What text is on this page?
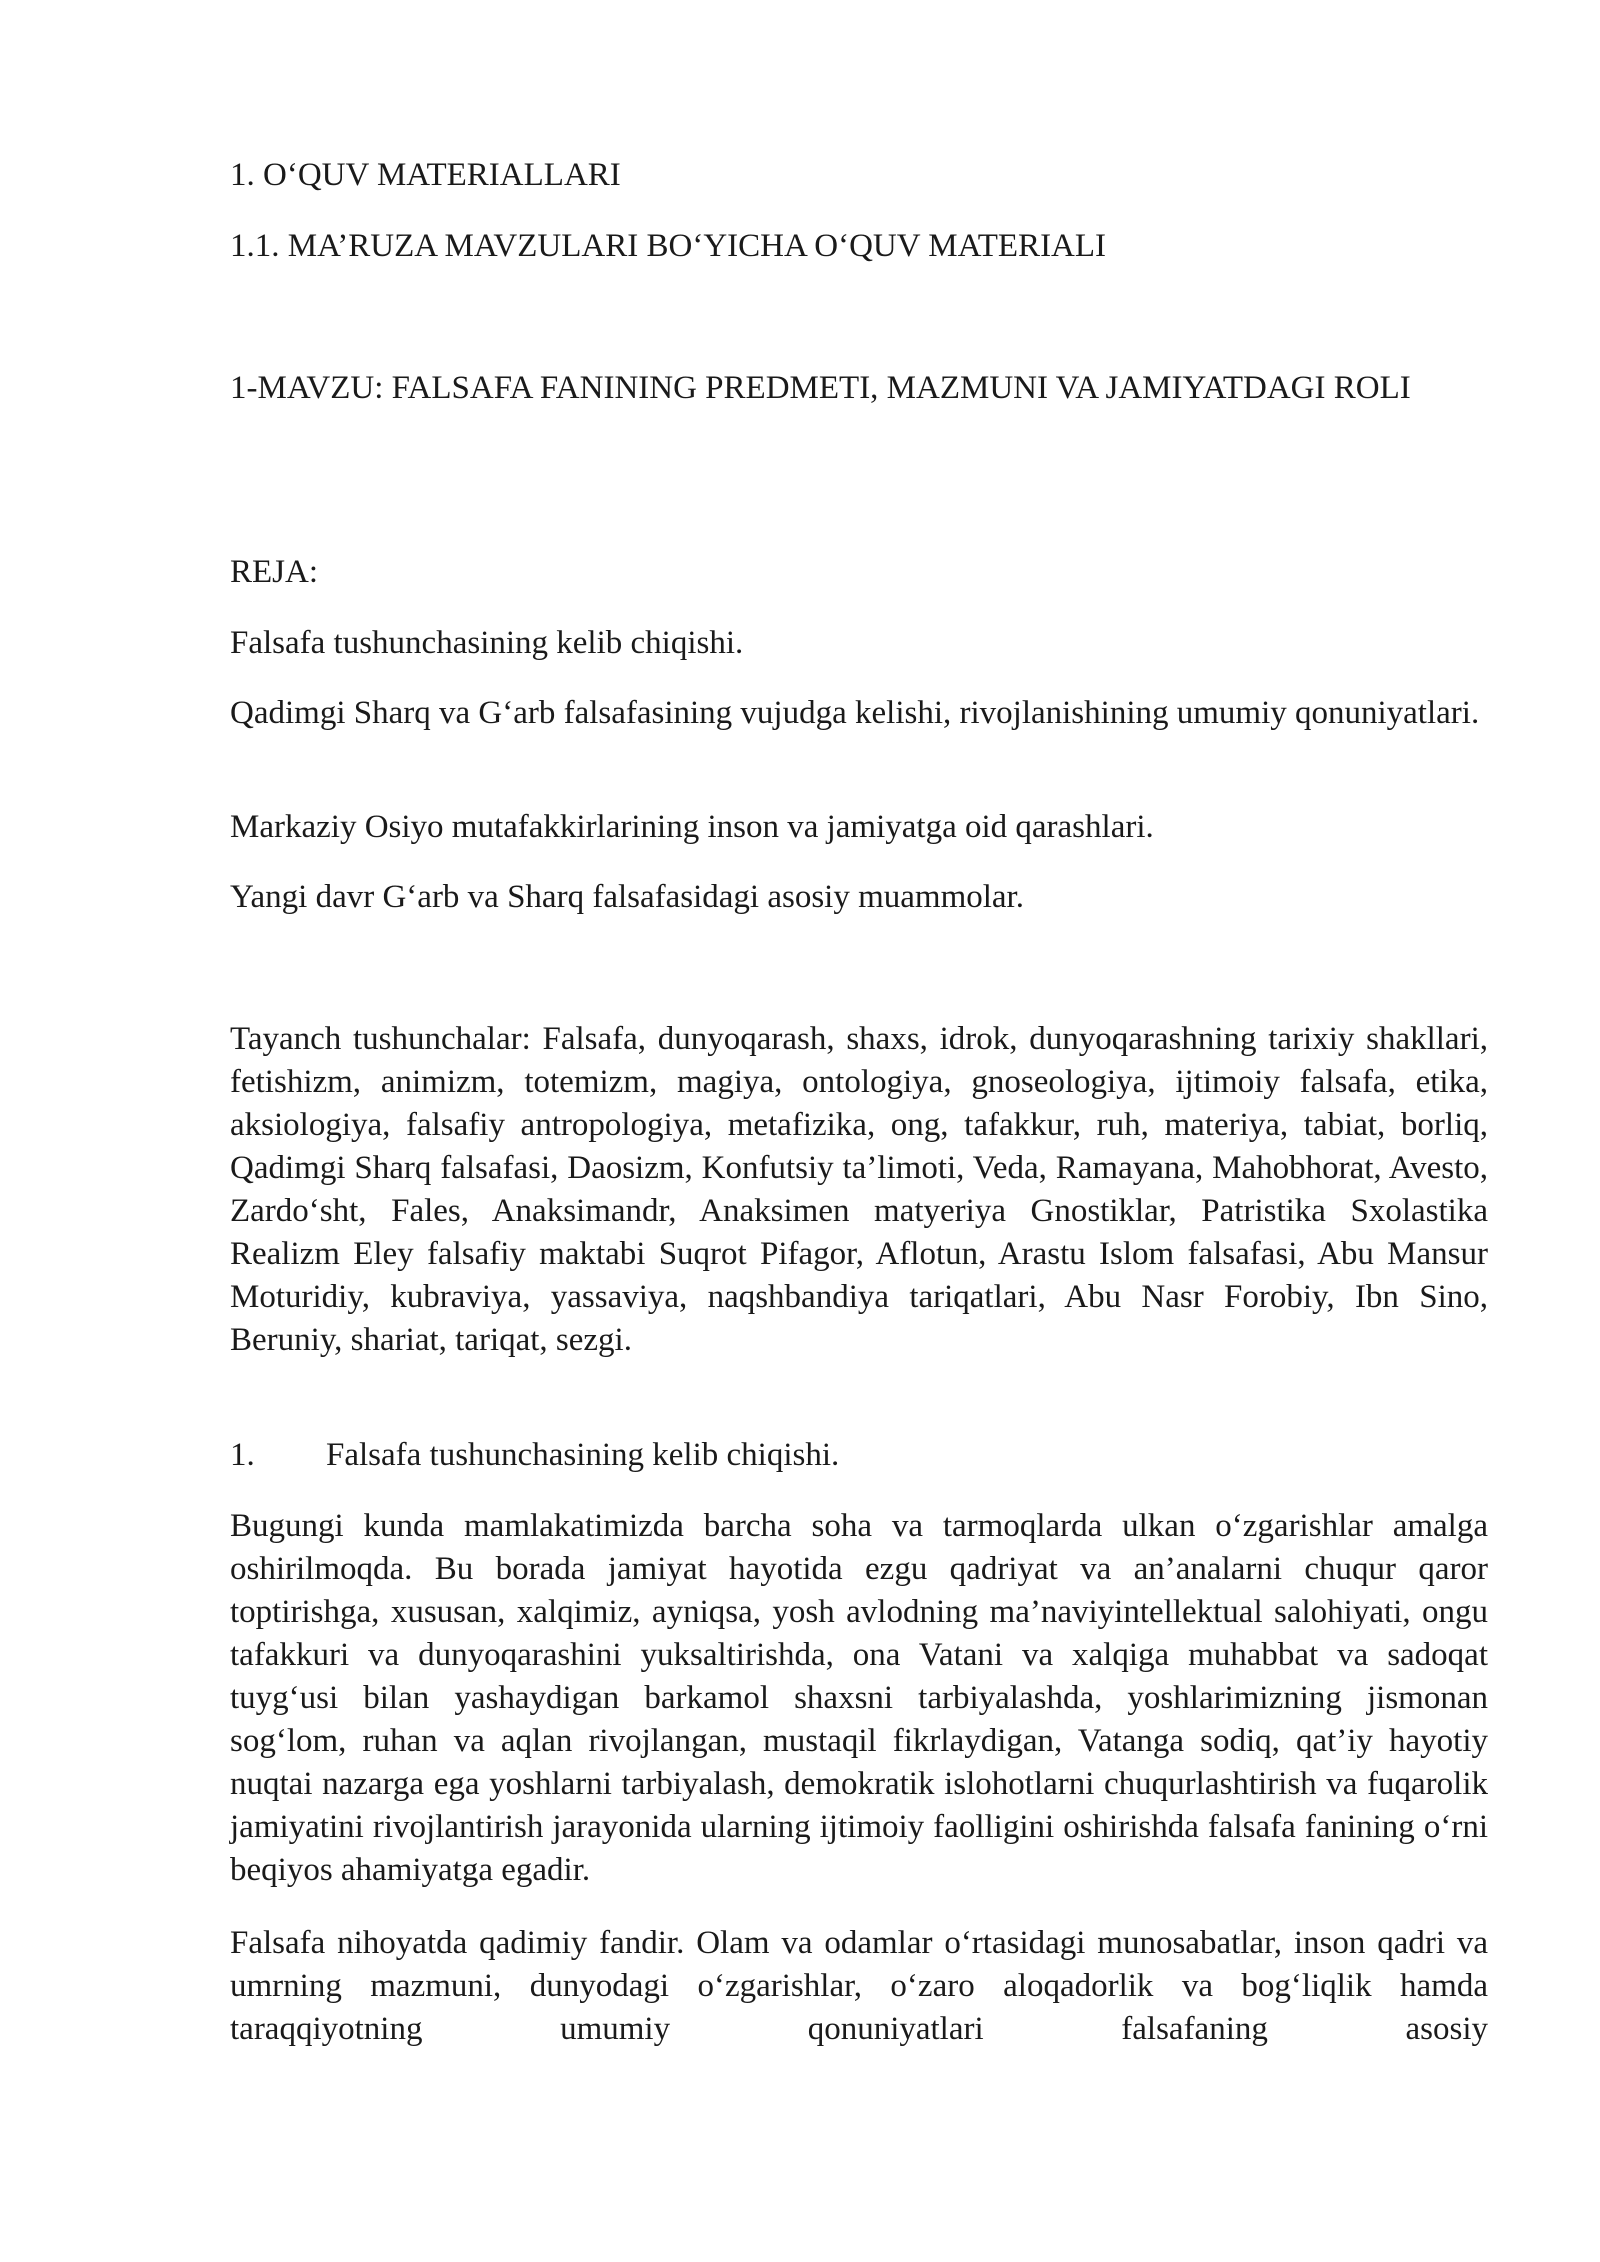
1. O‘QUV MATERIALLARI
1.1. MA’RUZA MAVZULARI BO‘YICHA O‘QUV MATERIALI
1-MAVZU: FALSAFA FANINING PREDMETI, MAZMUNI VA JAMIYATDAGI ROLI
REJA:
Falsafa tushunchasining kelib chiqishi.
Qadimgi Sharq va G‘arb falsafasining vujudga kelishi, rivojlanishining umumiy qonuniyatlari.
Markaziy Osiyo mutafakkirlarining inson va jamiyatga oid qarashlari.
Yangi davr G‘arb va Sharq falsafasidagi asosiy muammolar.

Tayanch tushunchalar: Falsafa, dunyoqarash, shaxs, idrok, dunyoqarashning tarixiy shakllari, fetishizm, animizm, totemizm, magiya, ontologiya, gnoseologiya, ijtimoiy falsafa, etika, aksiologiya, falsafiy antropologiya, metafizika, ong, tafakkur, ruh, materiya, tabiat, borliq, Qadimgi Sharq falsafasi, Daosizm, Konfutsiy ta’limoti, Veda, Ramayana, Mahobhorat, Avesto, Zardo‘sht, Fales, Anaksimandr, Anaksimen matyeriya Gnostiklar, Patristika Sxolastika Realizm Eley falsafiy maktabi Suqrot Pifagor, Aflotun, Arastu Islom falsafasi, Abu Mansur Moturidiy, kubraviya, yassaviya, naqshbandiya tariqatlari, Abu Nasr Forobiy, Ibn Sino, Beruniy, shariat, tariqat, sezgi.

1. Falsafa tushunchasining kelib chiqishi.

Bugungi kunda mamlakatimizda barcha soha va tarmoqlarda ulkan o‘zgarishlar amalga oshirilmoqda. Bu borada jamiyat hayotida ezgu qadriyat va an’analarni chuqur qaror toptirishga, xususan, xalqimiz, ayniqsa, yosh avlodning ma’naviyintellektual salohiyati, ongu tafakkuri va dunyoqarashini yuksaltirishda, ona Vatani va xalqiga muhabbat va sadoqat tuyg‘usi bilan yashaydigan barkamol shaxsni tarbiyalashda, yoshlarimizning jismonan sog‘lom, ruhan va aqlan rivojlangan, mustaqil fikrlaydigan, Vatanga sodiq, qat’iy hayotiy nuqtai nazarga ega yoshlarni tarbiyalash, demokratik islohotlarni chuqurlashtirish va fuqarolik jamiyatini rivojlantirish jarayonida ularning ijtimoiy faolligini oshirishda falsafa fanining o‘rni beqiyos ahamiyatga egadir.

Falsafa nihoyatda qadimiy fandir. Olam va odamlar o‘rtasidagi munosabatlar, inson qadri va umrning mazmuni, dunyodagi o‘zgarishlar, o‘zaro aloqadorlik va bog‘liqlik hamda taraqqiyotning umumiy qonuniyatlari falsafaning asosiy
